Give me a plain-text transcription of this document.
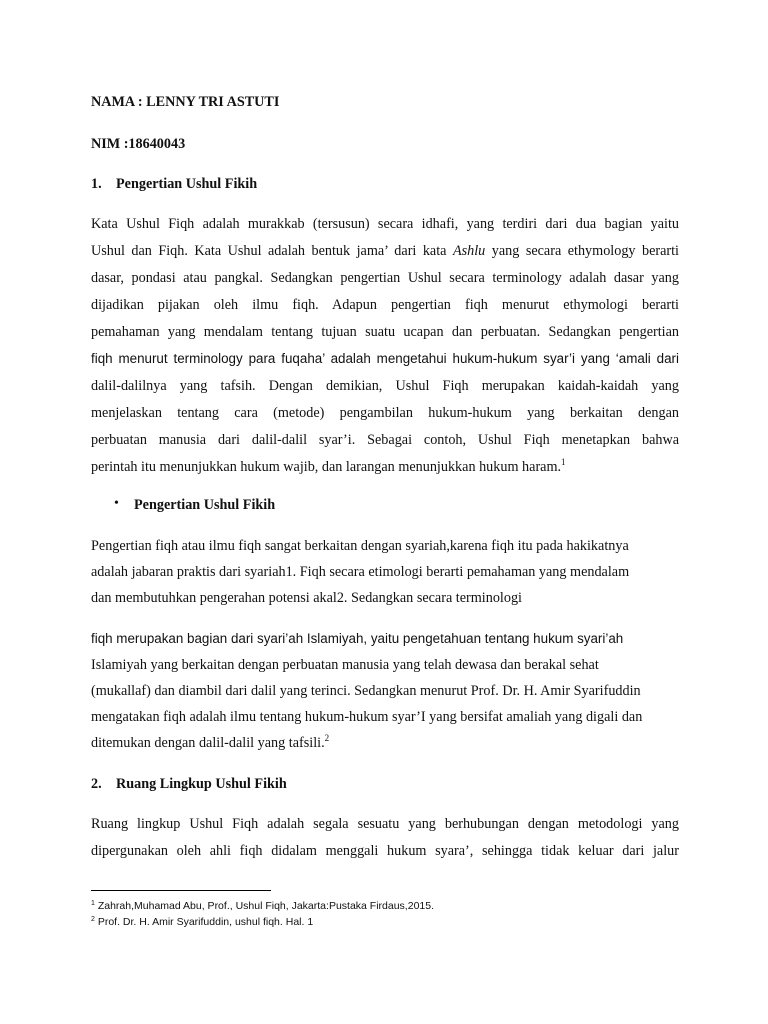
NAMA : LENNY TRI ASTUTI
NIM :18640043
1. Pengertian Ushul Fikih
Kata Ushul Fiqh adalah murakkab (tersusun) secara idhafi, yang terdiri dari dua bagian yaitu
Ushul dan Fiqh. Kata Ushul adalah bentuk jama’ dari kata Ashlu yang secara ethymology berarti
dasar, pondasi atau pangkal. Sedangkan pengertian Ushul secara terminology adalah dasar yang
dijadikan pijakan oleh ilmu fiqh. Adapun pengertian fiqh menurut ethymologi berarti
pemahaman yang mendalam tentang tujuan suatu ucapan dan perbuatan. Sedangkan pengertian
fiqh menurut terminology para fuqaha’ adalah mengetahui hukum-hukum syar’i yang ‘amali dari
dalil-dalilnya yang tafsih. Dengan demikian, Ushul Fiqh merupakan kaidah-kaidah yang
menjelaskan tentang cara (metode) pengambilan hukum-hukum yang berkaitan dengan
perbuatan manusia dari dalil-dalil syar’i. Sebagai contoh, Ushul Fiqh menetapkan bahwa
perintah itu menunjukkan hukum wajib, dan larangan menunjukkan hukum haram.$^1$
• Pengertian Ushul Fikih
Pengertian fiqh atau ilmu fiqh sangat berkaitan dengan syariah,karena fiqh itu pada hakikatnya
adalah jabaran praktis dari syariah1. Fiqh secara etimologi berarti pemahaman yang mendalam
dan membutuhkan pengerahan potensi akal2. Sedangkan secara terminologi
fiqh merupakan bagian dari syari’ah Islamiyah, yaitu pengetahuan tentang hukum syari’ah
Islamiyah yang berkaitan dengan perbuatan manusia yang telah dewasa dan berakal sehat
(mukallaf) dan diambil dari dalil yang terinci. Sedangkan menurut Prof. Dr. H. Amir Syarifuddin
mengatakan fiqh adalah ilmu tentang hukum-hukum syar’I yang bersifat amaliah yang digali dan
ditemukan dengan dalil-dalil yang tafsili.$^2$
2. Ruang Lingkup Ushul Fikih
Ruang lingkup Ushul Fiqh adalah segala sesuatu yang berhubungan dengan metodologi yang
dipergunakan oleh ahli fiqh didalam menggali hukum syara’, sehingga tidak keluar dari jalur
$^1$ Zahrah,Muhamad Abu, Prof., Ushul Fiqh, Jakarta:Pustaka Firdaus,2015.
$^2$ Prof. Dr. H. Amir Syarifuddin, ushul fiqh. Hal. 1
